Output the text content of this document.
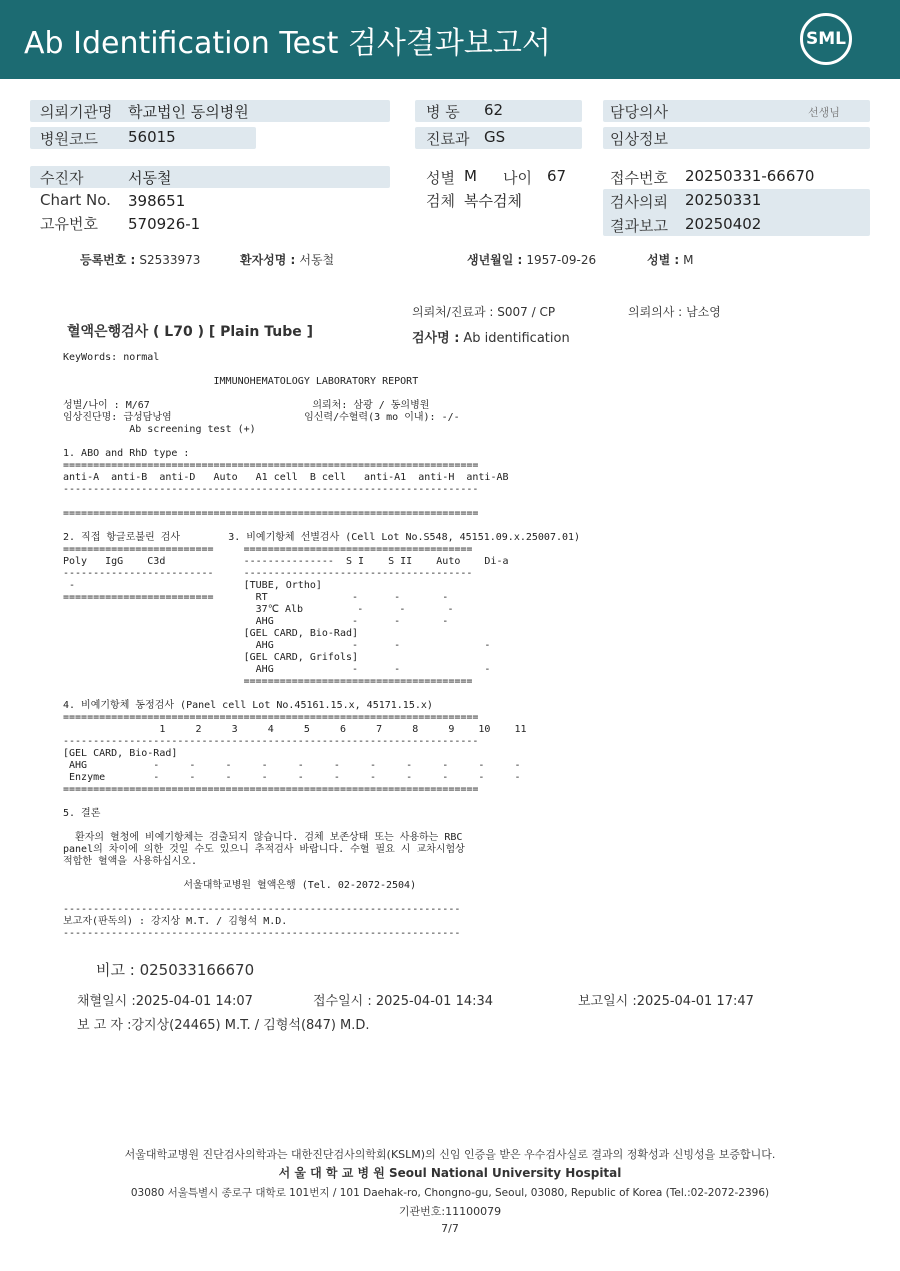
Ab Identification Test 검사결과보고서	SML
의뢰기관명 학교법인 동의병원
병원코드 56015
병 동 62
진료과 GS
담당의사	선생님
임상정보
수진자	서동철
Chart No. 398651
고유번호 570926-1
성별 M 나이 67
검체 복수검체
접수번호 20250331-66670
검사의뢰 20250331
결과보고 20250402
등록번호 : S2533973	환자성명 : 서동철	생년월일 : 1957-09-26	성별 : M
의뢰처/진료과 : S007 / CP	의뢰의사 : 남소영
혈액은행검사 ( L70 ) [ Plain Tube ]	검사명 : Ab identification
KeyWords: normal

IMMUNOHEMATOLOGY LABORATORY REPORT

성별/나이 : M/67                           의뢰처: 삼광 / 동의병원
임상진단명: 급성담낭염                      임신력/수혈력(3 mo 이내): -/-
Ab screening test (+)

1. ABO and RhD type :
=====================================================================
anti-A  anti-B  anti-D   Auto   A1 cell  B cell   anti-A1  anti-H  anti-AB
---------------------------------------------------------------------

=====================================================================

2. 직접 항글로불린 검사        3. 비예기항체 선별검사 (Cell Lot No.S548, 45151.09.x.25007.01)
=========================     ======================================
Poly   IgG    C3d             ---------------  S I    S II    Auto    Di-a
-------------------------     --------------------------------------
-                            [TUBE, Ortho]
=========================       RT              -      -       -
37℃ Alb         -      -       -
AHG             -      -       -
[GEL CARD, Bio-Rad]
AHG             -      -              -
[GEL CARD, Grifols]
AHG             -      -              -
======================================

4. 비예기항체 동정검사 (Panel cell Lot No.45161.15.x, 45171.15.x)
=====================================================================
1     2     3     4     5     6     7     8     9    10    11
---------------------------------------------------------------------
[GEL CARD, Bio-Rad]
AHG           -     -     -     -     -     -     -     -     -     -     -
Enzyme        -     -     -     -     -     -     -     -     -     -     -
=====================================================================

5. 결론

환자의 혈청에 비예기항체는 검출되지 않습니다. 검체 보존상태 또는 사용하는 RBC
panel의 차이에 의한 것일 수도 있으니 추적검사 바랍니다. 수혈 필요 시 교차시험상
적합한 혈액을 사용하십시오.

서울대학교병원 혈액은행 (Tel. 02-2072-2504)

------------------------------------------------------------------
보고자(판독의) : 강지상 M.T. / 김형석 M.D.
------------------------------------------------------------------
비고 : 025033166670
채혈일시 :2025-04-01 14:07	접수일시 : 2025-04-01 14:34	보고일시 :2025-04-01 17:47
보 고 자 :강지상(24465) M.T. / 김형석(847) M.D.
서울대학교병원 진단검사의학과는 대한진단검사의학회(KSLM)의 신임 인증을 받은 우수검사실로 결과의 정확성과 신빙성을 보증합니다.
서 울 대 학 교 병 원 Seoul National University Hospital
03080 서울특별시 종로구 대학로 101번지 / 101 Daehak-ro, Chongno-gu, Seoul, 03080, Republic of Korea (Tel.:02-2072-2396)
기관번호:11100079
7/7
